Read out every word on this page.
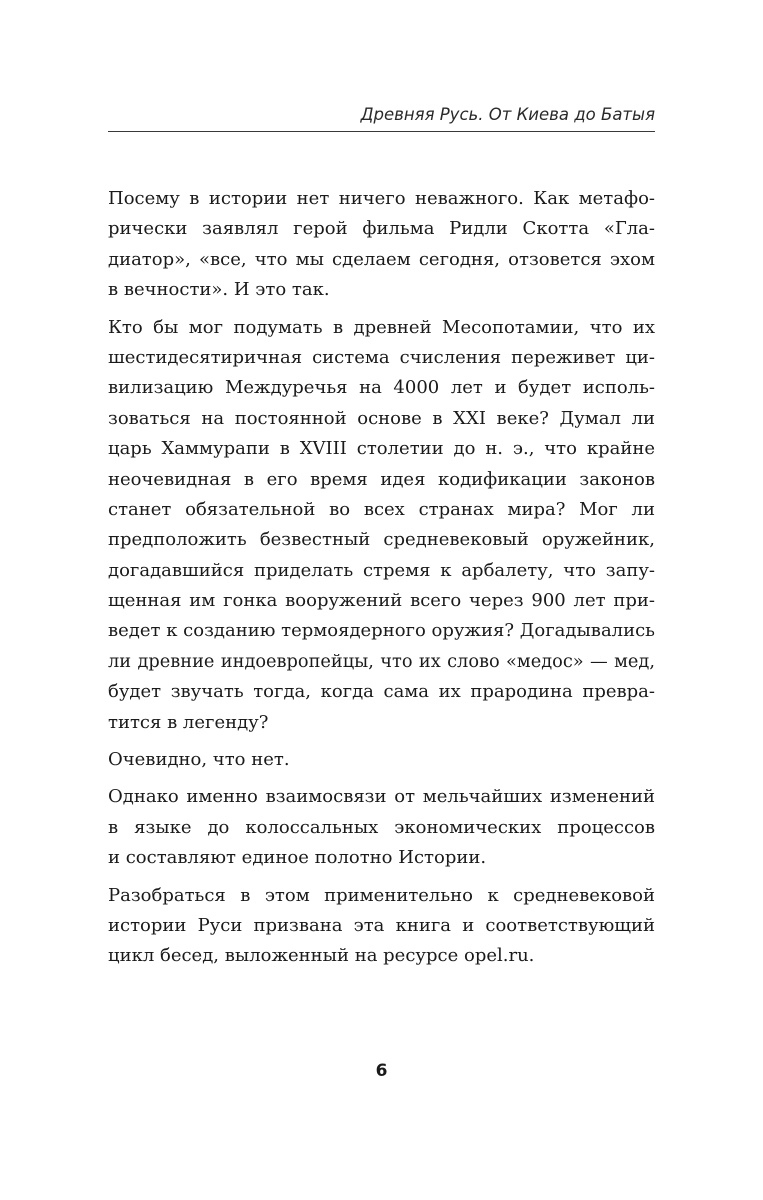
Древняя Русь. От Киева до Батыя

Посему в истории нет ничего неважного. Как метафо-
рически заявлял герой фильма Ридли Скотта «Гла-
диатор», «все, что мы сделаем сегодня, отзовется эхом
в вечности». И это так.

Кто бы мог подумать в древней Месопотамии, что их
шестидесятиричная система счисления переживет ци-
вилизацию Междуречья на 4000 лет и будет исполь-
зоваться на постоянной основе в XXI веке? Думал ли
царь Хаммурапи в XVIII столетии до н. э., что крайне
неочевидная в его время идея кодификации законов
станет обязательной во всех странах мира? Мог ли
предположить безвестный средневековый оружейник,
догадавшийся приделать стремя к арбалету, что запу-
щенная им гонка вооружений всего через 900 лет при-
ведет к созданию термоядерного оружия? Догадывались
ли древние индоевропейцы, что их слово «медос» — мед,
будет звучать тогда, когда сама их прародина превра-
тится в легенду?

Очевидно, что нет.

Однако именно взаимосвязи от мельчайших изменений
в языке до колоссальных экономических процессов
и составляют единое полотно Истории.

Разобраться в этом применительно к средневековой
истории Руси призвана эта книга и соответствующий
цикл бесед, выложенный на ресурсе opel.ru.

6
